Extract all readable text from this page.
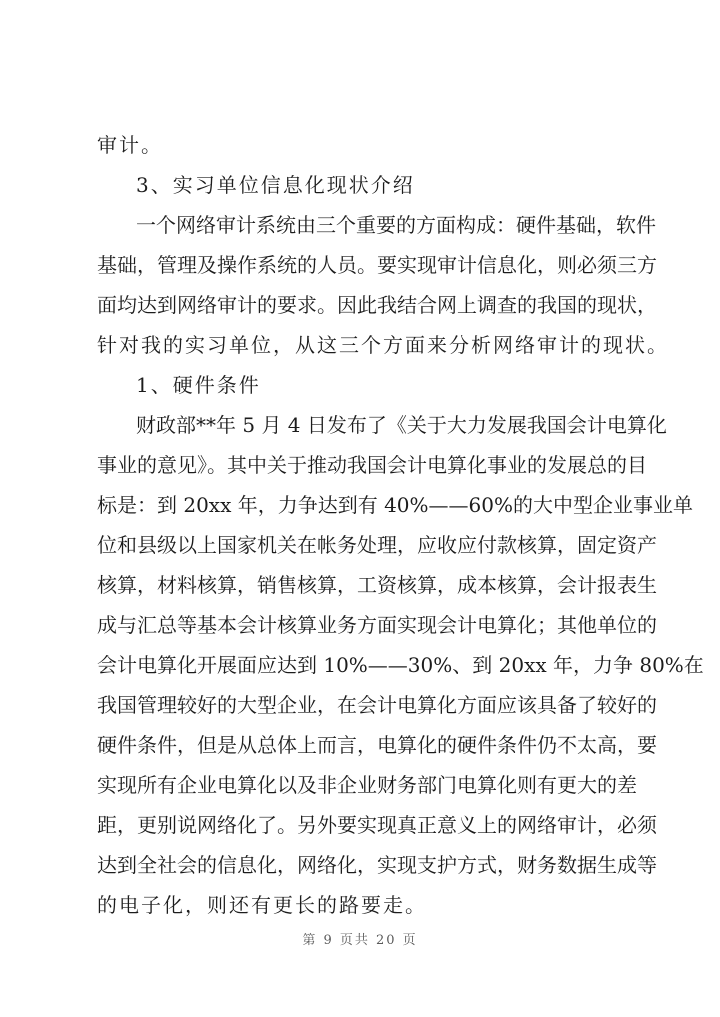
审计。
3、实习单位信息化现状介绍
一个网络审计系统由三个重要的方面构成：硬件基础，软件
基础，管理及操作系统的人员。要实现审计信息化，则必须三方
面均达到网络审计的要求。因此我结合网上调查的我国的现状，
针对我的实习单位，从这三个方面来分析网络审计的现状。
1、硬件条件
财政部**年 5 月 4 日发布了《关于大力发展我国会计电算化
事业的意见》。其中关于推动我国会计电算化事业的发展总的目
标是：到 20xx 年，力争达到有 40%——60%的大中型企业事业单
位和县级以上国家机关在帐务处理，应收应付款核算，固定资产
核算，材料核算，销售核算，工资核算，成本核算，会计报表生
成与汇总等基本会计核算业务方面实现会计电算化；其他单位的
会计电算化开展面应达到 10%——30%、到 20xx 年，力争 80%在
我国管理较好的大型企业，在会计电算化方面应该具备了较好的
硬件条件，但是从总体上而言，电算化的硬件条件仍不太高，要
实现所有企业电算化以及非企业财务部门电算化则有更大的差
距，更别说网络化了。另外要实现真正意义上的网络审计，必须
达到全社会的信息化，网络化，实现支护方式，财务数据生成等
的电子化，则还有更长的路要走。
第 9 页共 20 页
